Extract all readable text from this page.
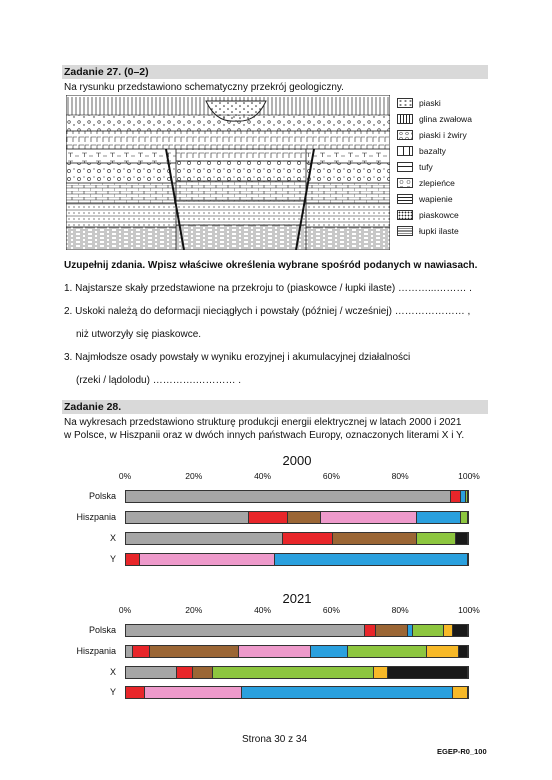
Zadanie 27. (0–2)
Na rysunku przedstawiono schematyczny przekrój geologiczny.
piaski
glina zwałowa
piaski i żwiry
bazalty
tufy
zlepieńce
wapienie
piaskowce
łupki ilaste
Uzupełnij zdania. Wpisz właściwe określenia wybrane spośród podanych w nawiasach.
1. Najstarsze skały przedstawione na przekroju to (piaskowce / łupki ilaste) ………...……… .
2. Uskoki należą do deformacji nieciągłych i powstały (później / wcześniej) ………………… ,
niż utworzyły się piaskowce.
3. Najmłodsze osady powstały w wyniku erozyjnej i akumulacyjnej działalności
(rzeki / lądolodu) ………….………… .
Zadanie 28.
Na wykresach przedstawiono strukturę produkcji energii elektrycznej w latach 2000 i 2021
w Polsce, w Hiszpanii oraz w dwóch innych państwach Europy, oznaczonych literami X i Y.
2000
0%	20%	40%	60%	80%	100%
Polska
Hiszpania
X
Y
2021
0%	20%	40%	60%	80%	100%
Polska
Hiszpania
X
Y
Strona 30 z 34
EGEP-R0_100
